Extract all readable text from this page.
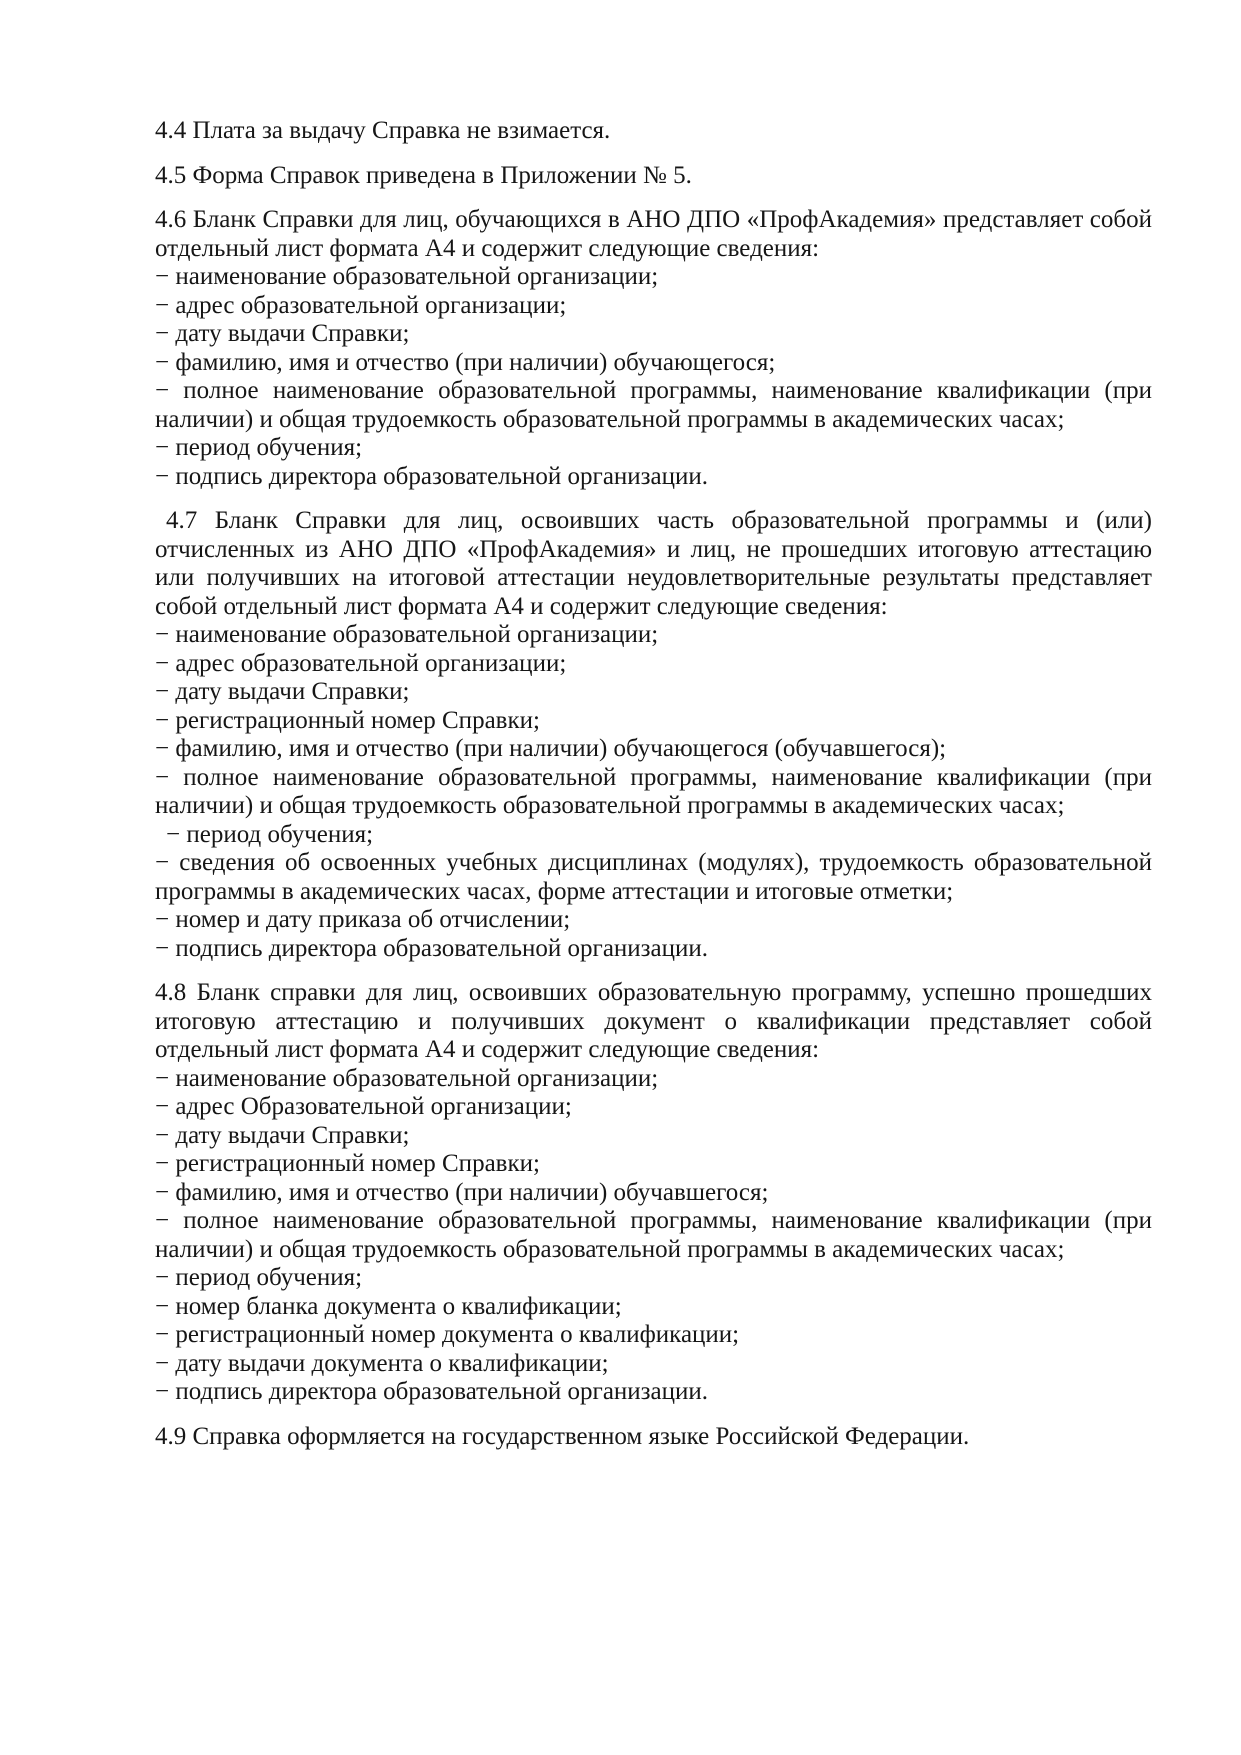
4.4 Плата за выдачу Справка не взимается.

4.5 Форма Справок приведена в Приложении № 5.

4.6 Бланк Справки для лиц, обучающихся в АНО ДПО «ПрофАкадемия» представляет собой отдельный лист формата А4 и содержит следующие сведения:

− наименование образовательной организации;

− адрес образовательной организации;

− дату выдачи Справки;

− фамилию, имя и отчество (при наличии) обучающегося;

− полное наименование образовательной программы, наименование квалификации (при наличии) и общая трудоемкость образовательной программы в академических часах;

− период обучения;

− подпись директора образовательной организации.

4.7 Бланк Справки для лиц, освоивших часть образовательной программы и (или) отчисленных из АНО ДПО «ПрофАкадемия» и лиц, не прошедших итоговую аттестацию или получивших на итоговой аттестации неудовлетворительные результаты представляет собой отдельный лист формата А4 и содержит следующие сведения:

− наименование образовательной организации;

− адрес образовательной организации;

− дату выдачи Справки;

− регистрационный номер Справки;

− фамилию, имя и отчество (при наличии) обучающегося (обучавшегося);

− полное наименование образовательной программы, наименование квалификации (при наличии) и общая трудоемкость образовательной программы в академических часах;

− период обучения;

− сведения об освоенных учебных дисциплинах (модулях), трудоемкость образовательной программы в академических часах, форме аттестации и итоговые отметки;

− номер и дату приказа об отчислении;

− подпись директора образовательной организации.

4.8 Бланк справки для лиц, освоивших образовательную программу, успешно прошедших итоговую аттестацию и получивших документ о квалификации представляет собой отдельный лист формата А4 и содержит следующие сведения:

− наименование образовательной организации;

− адрес Образовательной организации;

− дату выдачи Справки;

− регистрационный номер Справки;

− фамилию, имя и отчество (при наличии) обучавшегося;

− полное наименование образовательной программы, наименование квалификации (при наличии) и общая трудоемкость образовательной программы в академических часах;

− период обучения;

− номер бланка документа о квалификации;

− регистрационный номер документа о квалификации;

− дату выдачи документа о квалификации;

− подпись директора образовательной организации.

4.9 Справка оформляется на государственном языке Российской Федерации.
